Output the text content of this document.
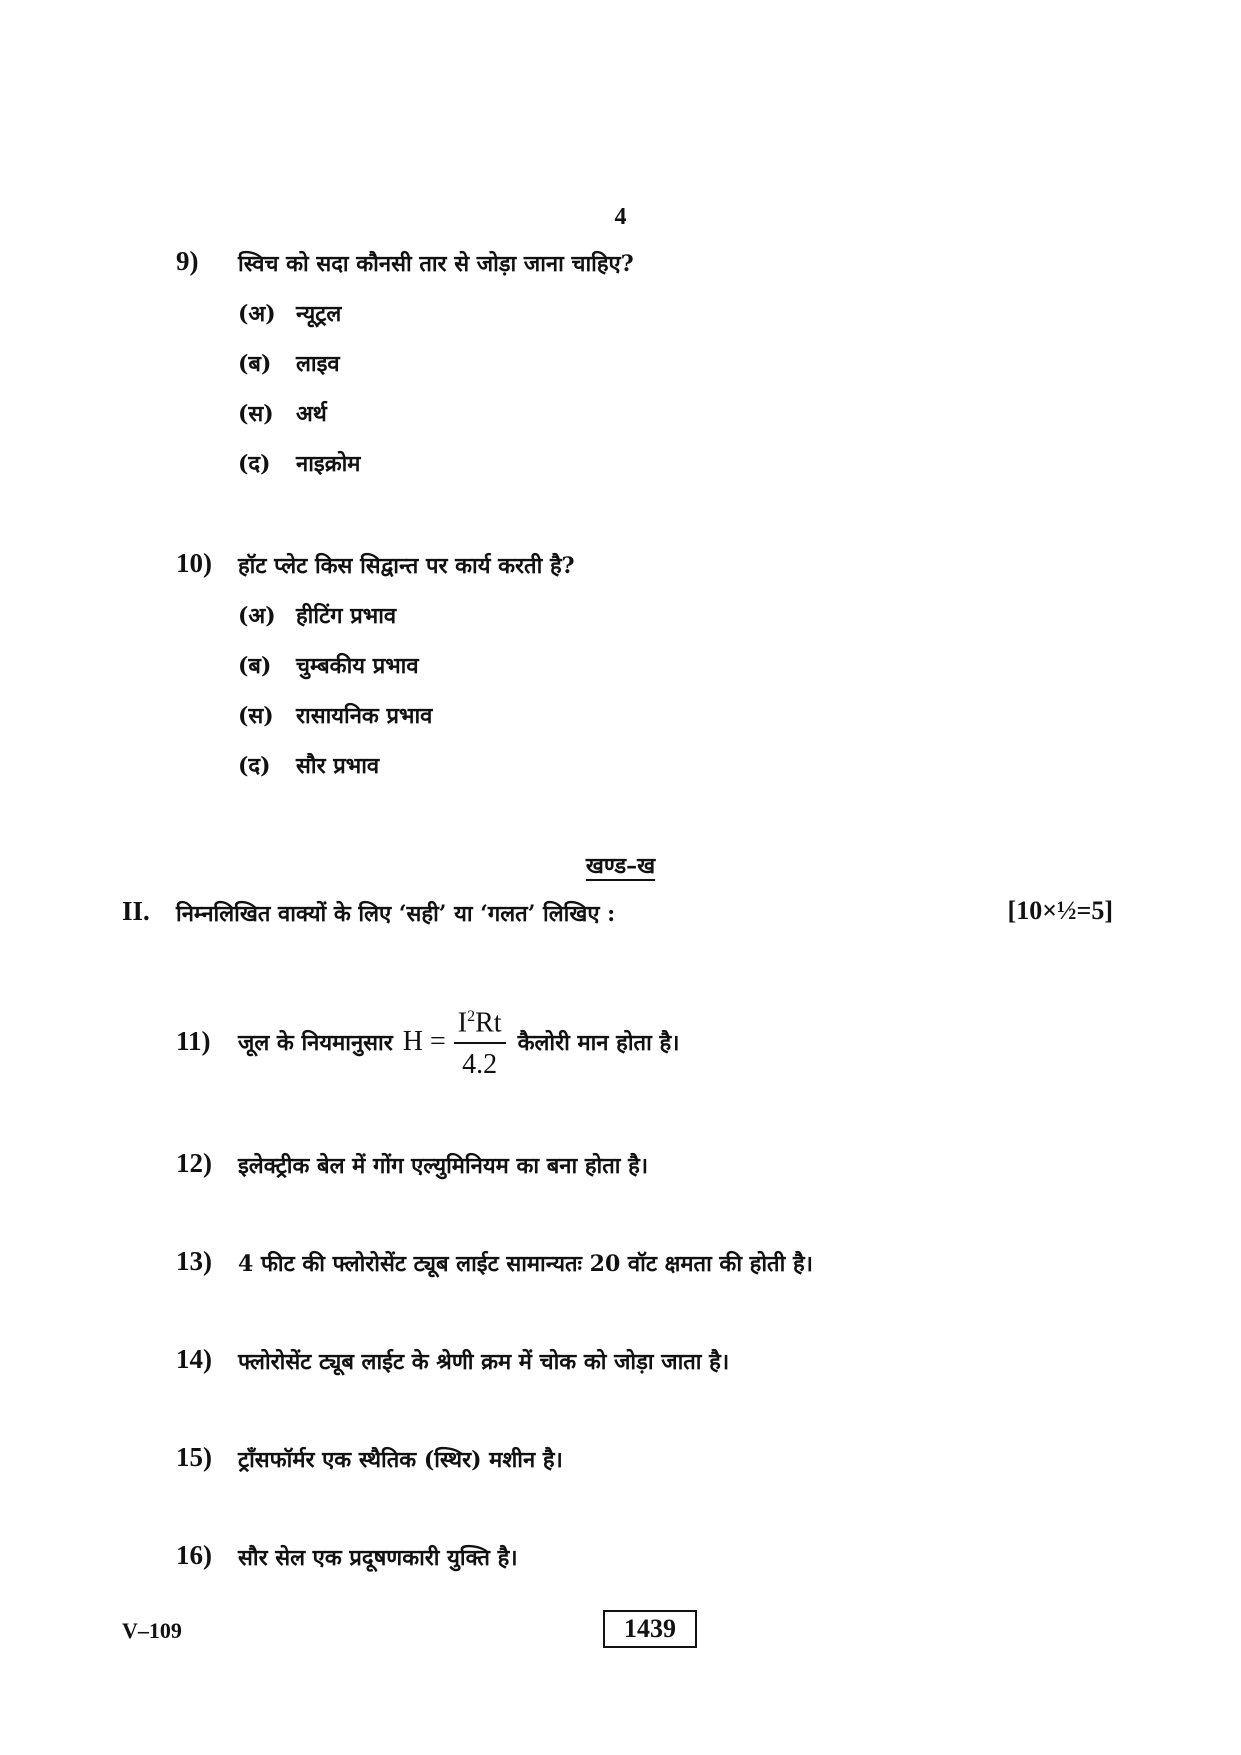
4
9) स्विच को सदा कौनसी तार से जोड़ा जाना चाहिए?
(अ) न्यूट्रल
(ब) लाइव
(स) अर्थ
(द) नाइक्रोम
10) हॉट प्लेट किस सिद्वान्त पर कार्य करती है?
(अ) हीटिंग प्रभाव
(ब) चुम्बकीय प्रभाव
(स) रासायनिक प्रभाव
(द) सौर प्रभाव
खण्ड–ख
II. निम्नलिखित वाक्यों के लिए ‘सही’ या ‘गलत’ लिखिए :	[10×½=5]
11) जूल के नियमानुसार $H = \frac{I^2Rt}{4.2}$ कैलोरी मान होता है।
12) इलेक्ट्रीक बेल में गोंग एल्युमिनियम का बना होता है।
13) 4 फीट की फ्लोरोसेंट ट्यूब लाईट सामान्यतः 20 वॉट क्षमता की होती है।
14) फ्लोरोसेंट ट्यूब लाईट के श्रेणी क्रम में चोक को जोड़ा जाता है।
15) ट्राँसफॉर्मर एक स्थैतिक (स्थिर) मशीन है।
16) सौर सेल एक प्रदूषणकारी युक्ति है।
V–109	1439
